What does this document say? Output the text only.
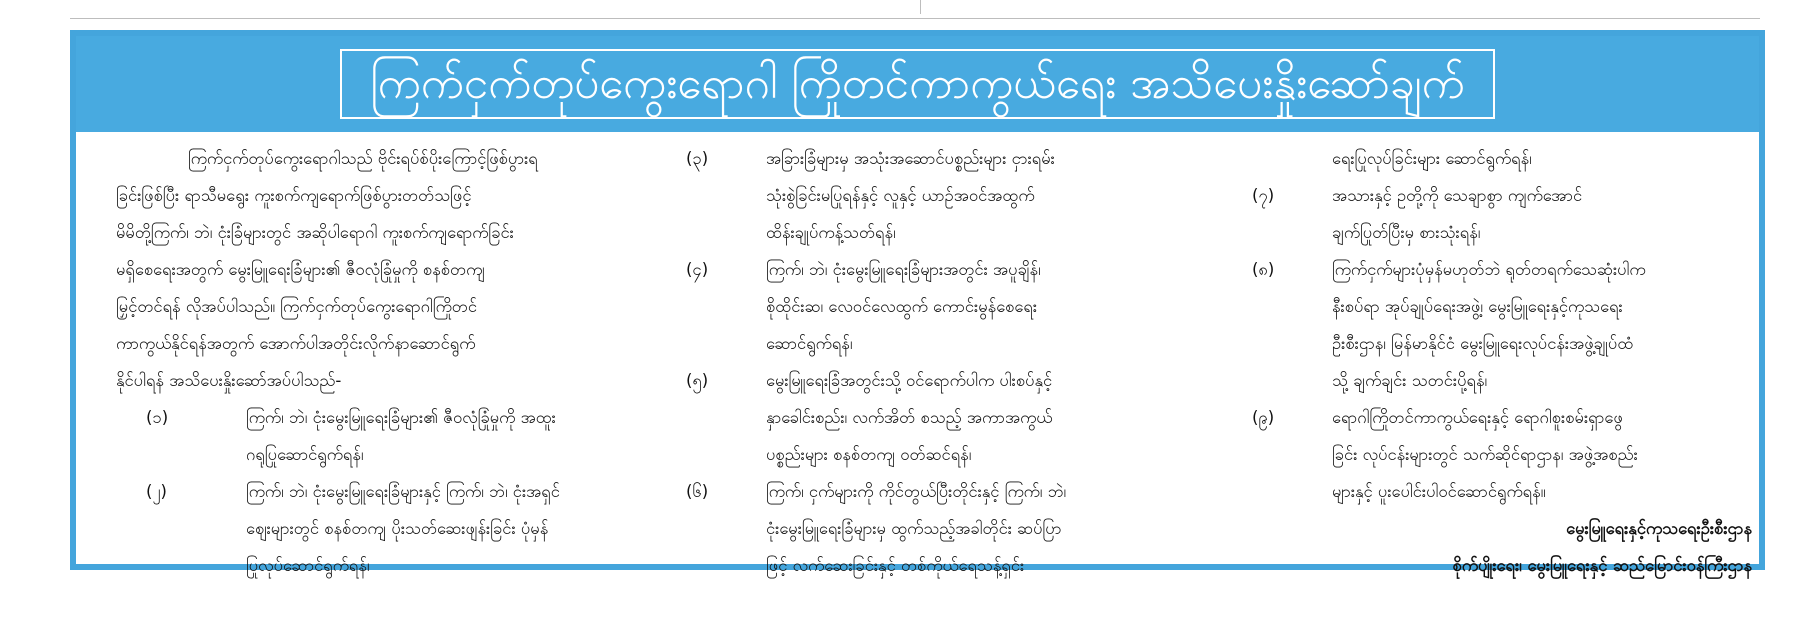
ကြက်ငှက်တုပ်ကွေးရောဂါ ကြိုတင်ကာကွယ်ရေး အသိပေးနှိုးဆော်ချက်
ကြက်ငှက်တုပ်ကွေးရောဂါသည် ဗိုင်းရပ်စ်ပိုးကြောင့်ဖြစ်ပွားရ
ခြင်းဖြစ်ပြီး ရာသီမရွေး ကူးစက်ကျရောက်ဖြစ်ပွားတတ်သဖြင့်
မိမိတို့ကြက်၊ ဘဲ၊ ငုံးခြံများတွင် အဆိုပါရောဂါ ကူးစက်ကျရောက်ခြင်း
မရှိစေရေးအတွက် မွေးမြူရေးခြံများ၏ ဇီဝလုံခြုံမှုကို စနစ်တကျ
မြှင့်တင်ရန် လိုအပ်ပါသည်။ ကြက်ငှက်တုပ်ကွေးရောဂါကြိုတင်
ကာကွယ်နိုင်ရန်အတွက် အောက်ပါအတိုင်းလိုက်နာဆောင်ရွက်
နိုင်ပါရန် အသိပေးနှိုးဆော်အပ်ပါသည်-
(၁)	ကြက်၊ ဘဲ၊ ငုံးမွေးမြူရေးခြံများ၏ ဇီဝလုံခြုံမှုကို အထူး
ဂရုပြုဆောင်ရွက်ရန်၊
(၂)	ကြက်၊ ဘဲ၊ ငုံးမွေးမြူရေးခြံများနှင့် ကြက်၊ ဘဲ၊ ငုံးအရှင်
ဈေးများတွင် စနစ်တကျ ပိုးသတ်ဆေးဖျန်းခြင်း ပုံမှန်
ပြုလုပ်ဆောင်ရွက်ရန်၊
(၃)	အခြားခြံများမှ အသုံးအဆောင်ပစ္စည်းများ ငှားရမ်း
သုံးစွဲခြင်းမပြုရန်နှင့် လူနှင့် ယာဉ်အဝင်အထွက်
ထိန်းချုပ်ကန့်သတ်ရန်၊
(၄)	ကြက်၊ ဘဲ၊ ငုံးမွေးမြူရေးခြံများအတွင်း အပူချိန်၊
စိုထိုင်းဆ၊ လေဝင်လေထွက် ကောင်းမွန်စေရေး
ဆောင်ရွက်ရန်၊
(၅)	မွေးမြူရေးခြံအတွင်းသို့ ဝင်ရောက်ပါက ပါးစပ်နှင့်
နှာခေါင်းစည်း၊ လက်အိတ် စသည့် အကာအကွယ်
ပစ္စည်းများ စနစ်တကျ ဝတ်ဆင်ရန်၊
(၆)	ကြက်၊ ငှက်များကို ကိုင်တွယ်ပြီးတိုင်းနှင့် ကြက်၊ ဘဲ၊
ငုံးမွေးမြူရေးခြံများမှ ထွက်သည့်အခါတိုင်း ဆပ်ပြာ
ဖြင့် လက်ဆေးခြင်းနှင့် တစ်ကိုယ်ရေသန့်ရှင်း
ရေးပြုလုပ်ခြင်းများ ဆောင်ရွက်ရန်၊
(၇)	အသားနှင့် ဥတို့ကို သေချာစွာ ကျက်အောင်
ချက်ပြုတ်ပြီးမှ စားသုံးရန်၊
(၈)	ကြက်ငှက်များပုံမှန်မဟုတ်ဘဲ ရုတ်တရက်သေဆုံးပါက
နီးစပ်ရာ အုပ်ချုပ်ရေးအဖွဲ့၊ မွေးမြူရေးနှင့်ကုသရေး
ဦးစီးဌာန၊ မြန်မာနိုင်ငံ မွေးမြူရေးလုပ်ငန်းအဖွဲ့ချုပ်ထံ
သို့ ချက်ချင်း သတင်းပို့ရန်၊
(၉)	ရောဂါကြိုတင်ကာကွယ်ရေးနှင့် ရောဂါစူးစမ်းရှာဖွေ
ခြင်း လုပ်ငန်းများတွင် သက်ဆိုင်ရာဌာန၊ အဖွဲ့အစည်း
များနှင့် ပူးပေါင်းပါဝင်ဆောင်ရွက်ရန်။
မွေးမြူရေးနှင့်ကုသရေးဦးစီးဌာန
စိုက်ပျိုးရေး၊ မွေးမြူရေးနှင့် ဆည်မြောင်းဝန်ကြီးဌာန
